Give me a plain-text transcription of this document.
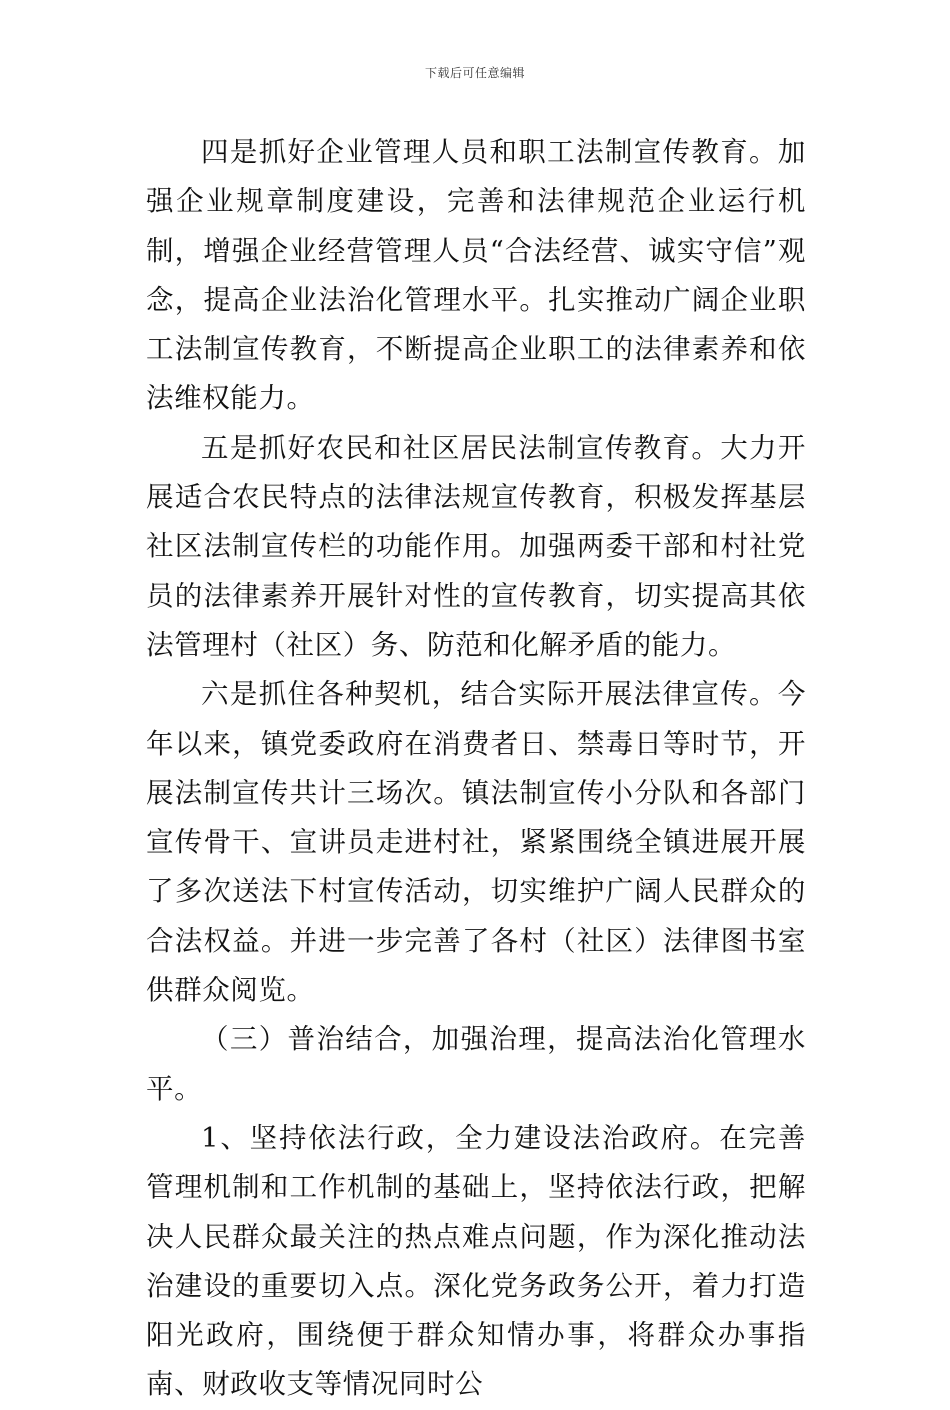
下载后可任意编辑

四是抓好企业管理人员和职工法制宣传教育。加强企业规章制度建设，完善和法律规范企业运行机制，增强企业经营管理人员“合法经营、诚实守信”观念，提高企业法治化管理水平。扎实推动广阔企业职工法制宣传教育，不断提高企业职工的法律素养和依法维权能力。

五是抓好农民和社区居民法制宣传教育。大力开展适合农民特点的法律法规宣传教育，积极发挥基层社区法制宣传栏的功能作用。加强两委干部和村社党员的法律素养开展针对性的宣传教育，切实提高其依法管理村（社区）务、防范和化解矛盾的能力。

六是抓住各种契机，结合实际开展法律宣传。今年以来，镇党委政府在消费者日、禁毒日等时节，开展法制宣传共计三场次。镇法制宣传小分队和各部门宣传骨干、宣讲员走进村社，紧紧围绕全镇进展开展了多次送法下村宣传活动，切实维护广阔人民群众的合法权益。并进一步完善了各村（社区）法律图书室供群众阅览。

（三）普治结合，加强治理，提高法治化管理水平。

1、坚持依法行政，全力建设法治政府。在完善管理机制和工作机制的基础上，坚持依法行政，把解决人民群众最关注的热点难点问题，作为深化推动法治建设的重要切入点。深化党务政务公开，着力打造阳光政府，围绕便于群众知情办事，将群众办事指南、财政收支等情况同时公
